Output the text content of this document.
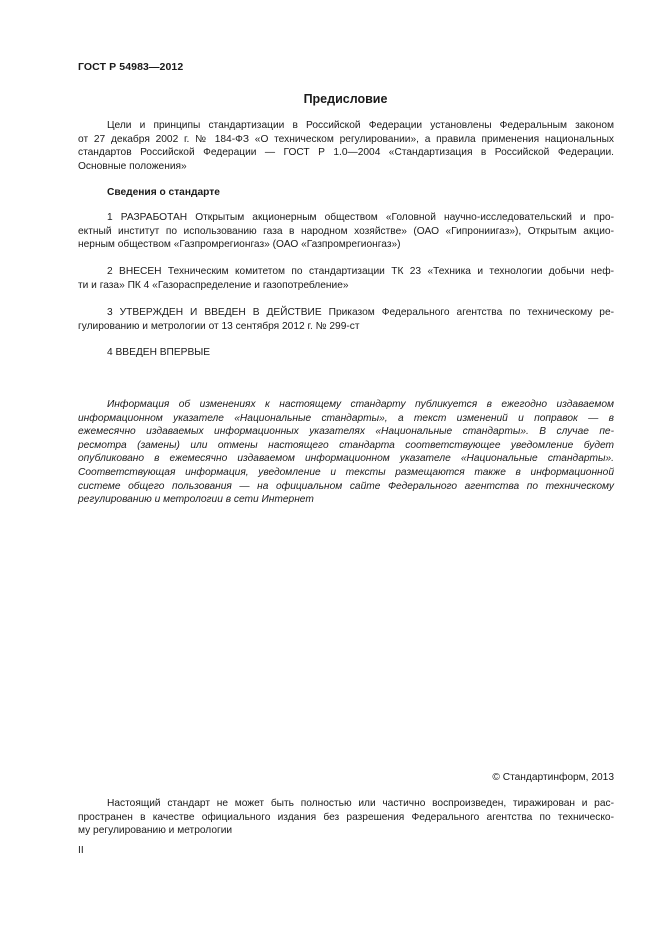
ГОСТ Р 54983—2012
Предисловие
Цели и принципы стандартизации в Российской Федерации установлены Федеральным законом
от 27 декабря 2002 г. № 184-ФЗ «О техническом регулировании», а правила применения национальных
стандартов Российской Федерации — ГОСТ Р 1.0—2004 «Стандартизация в Российской Федерации.
Основные положения»
Сведения о стандарте
1 РАЗРАБОТАН Открытым акционерным обществом «Головной научно-исследовательский и про-
ектный институт по использованию газа в народном хозяйстве» (ОАО «Гипрониигаз»), Открытым акцио-
нерным обществом «Газпромрегионгаз» (ОАО «Газпромрегионгаз»)
2 ВНЕСЕН Техническим комитетом по стандартизации ТК 23 «Техника и технологии добычи неф-
ти и газа» ПК 4 «Газораспределение и газопотребление»
3 УТВЕРЖДЕН И ВВЕДЕН В ДЕЙСТВИЕ Приказом Федерального агентства по техническому ре-
гулированию и метрологии от 13 сентября 2012 г. № 299-ст
4 ВВЕДЕН ВПЕРВЫЕ
Информация об изменениях к настоящему стандарту публикуется в ежегодно издаваемом
информационном указателе «Национальные стандарты», а текст изменений и поправок — в
ежемесячно издаваемых информационных указателях «Национальные стандарты». В случае пе-
ресмотра (замены) или отмены настоящего стандарта соответствующее уведомление будет
опубликовано в ежемесячно издаваемом информационном указателе «Национальные стандарты».
Соответствующая информация, уведомление и тексты размещаются также в информационной
системе общего пользования — на официальном сайте Федерального агентства по техническому
регулированию и метрологии в сети Интернет
© Стандартинформ, 2013
Настоящий стандарт не может быть полностью или частично воспроизведен, тиражирован и рас-
пространен в качестве официального издания без разрешения Федерального агентства по техническо-
му регулированию и метрологии
II
